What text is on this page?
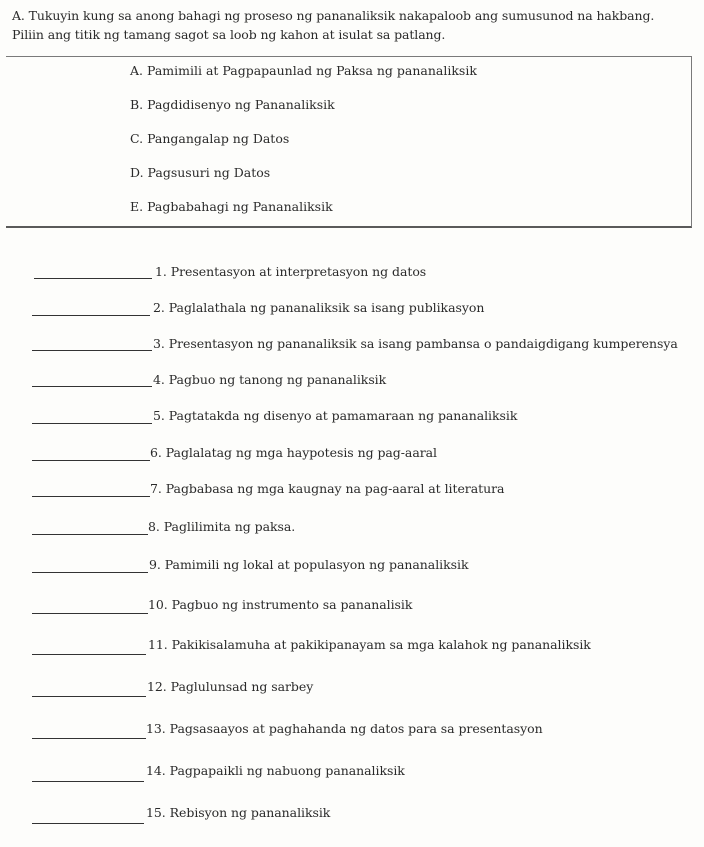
A. Tukuyin kung sa anong bahagi ng proseso ng pananaliksik nakapaloob ang sumusunod na hakbang.

Piliin ang titik ng tamang sagot sa loob ng kahon at isulat sa patlang.

A. Pamimili at Pagpapaunlad ng Paksa ng pananaliksik
B. Pagdidisenyo ng Pananaliksik
C. Pangangalap ng Datos
D. Pagsusuri ng Datos
E. Pagbabahagi ng Pananaliksik
1. Presentasyon at interpretasyon ng datos
2. Paglalathala ng pananaliksik sa isang publikasyon
3. Presentasyon ng pananaliksik sa isang pambansa o pandaigdigang kumperensya
4. Pagbuo ng tanong ng pananaliksik
5. Pagtatakda ng disenyo at pamamaraan ng pananaliksik
6. Paglalatag ng mga haypotesis ng pag-aaral
7. Pagbabasa ng mga kaugnay na pag-aaral at literatura
8. Paglilimita ng paksa.
9. Pamimili ng lokal at populasyon ng pananaliksik
10. Pagbuo ng instrumento sa pananalisik
11. Pakikisalamuha at pakikipanayam sa mga kalahok ng pananaliksik
12. Paglulunsad ng sarbey
13. Pagsasaayos at paghahanda ng datos para sa presentasyon
14. Pagpapaikli ng nabuong pananaliksik
15. Rebisyon ng pananaliksik
